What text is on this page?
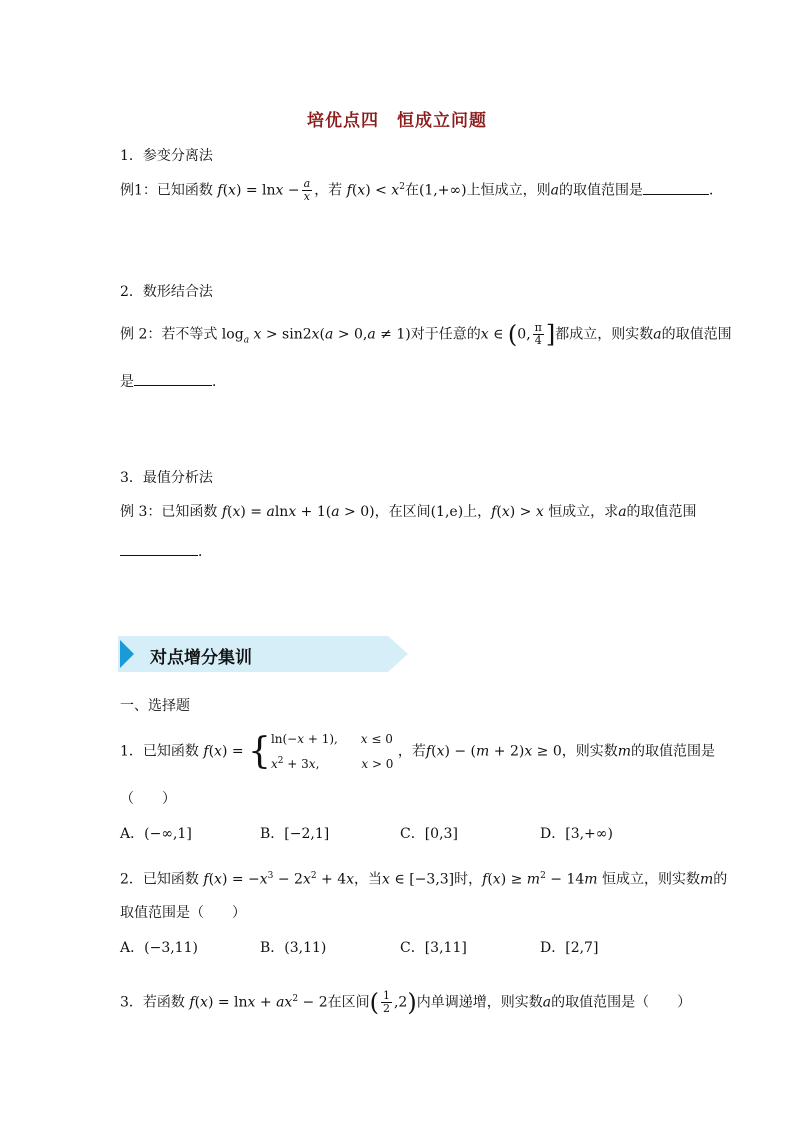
培优点四　恒成立问题
1．参变分离法
例1：已知函数 $f(x) = \ln x - \frac{a}{x}$ ，若 $f(x) < x^2$在(1,+∞)上恒成立，则a的取值范围是	．
2．数形结合法
例 2：若不等式 $\log_a x > \sin 2x(a > 0,a \ne 1)$对于任意的x ∈ (0, $\frac{\pi}{4}$ ]都成立，则实数a的取值范围
是	．
3．最值分析法
例 3：已知函数 f(x) = alnx + 1(a > 0)，在区间(1,e)上，f(x) > x 恒成立，求a的取值范围
．
对点增分集训
一、选择题
1．已知函数 f(x) = { ln(−x + 1),      x ≤ 0
$x^2 + 3x$,           x > 0
，若f(x) − (m + 2)x ≥ 0，则实数m的取值范围是
（　　）
A．(−∞,1]	B．[−2,1]	C．[0,3]	D．[3,+∞)
2．已知函数 $f(x) = -x^3 - 2x^2 + 4x$，当x ∈ [−3,3]时，$f(x) \ge m^2 - 14m$ 恒成立，则实数m的
取值范围是（　　）
A．(−3,11)	B．(3,11)	C．[3,11]	D．[2,7]
3．若函数 $f(x) = \ln x + ax^2 - 2$在区间( $\frac{1}{2} ,2$)内单调递增，则实数a的取值范围是（　　）
